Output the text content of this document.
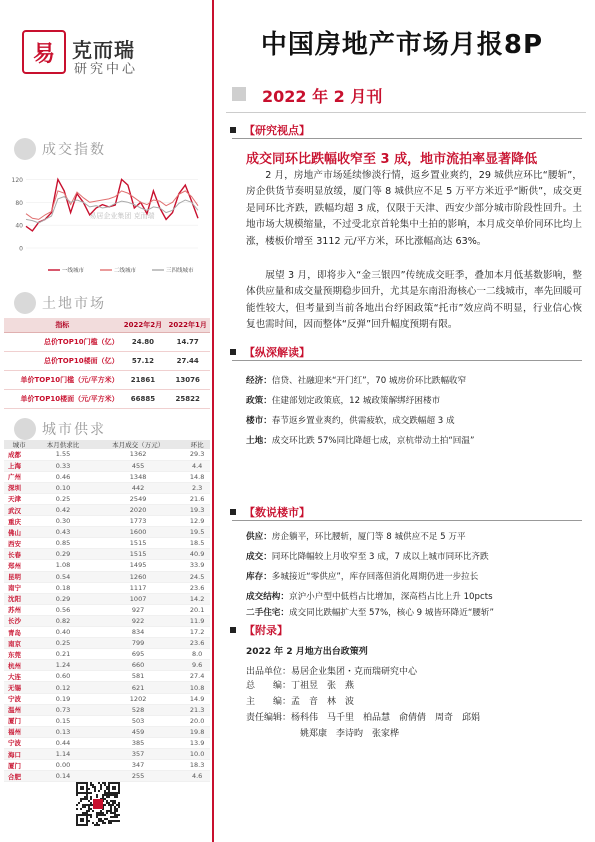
易 克而瑞
研究中心
成交指数
0
40
80
120
易居企业集团 克而瑞
一线城市	二线城市	三四线城市
土地市场
指标	2022年2月	2022年1月
总价TOP10门槛（亿）	24.80	14.77
总价TOP10楼面（亿）	57.12	27.44
单价TOP10门槛（元/平方米）	21861	13076
单价TOP10楼面（元/平方米）	66885	25822
城市供求
城市	本月供求比	本月成交（万元）	环比
成都	1.55	1362	29.3
上海	0.33	455	4.4
广州	0.46	1348	14.8
深圳	0.10	442	2.3
天津	0.25	2549	21.6
武汉	0.42	2020	19.3
重庆	0.30	1773	12.9
佛山	0.43	1600	19.5
西安	0.85	1515	18.5
长春	0.29	1515	40.9
郑州	1.08	1495	33.9
昆明	0.54	1260	24.5
南宁	0.18	1117	23.6
沈阳	0.29	1007	14.2
苏州	0.56	927	20.1
长沙	0.82	922	11.9
青岛	0.40	834	17.2
南京	0.25	799	23.6
东莞	0.21	695	8.0
杭州	1.24	660	9.6
大连	0.60	581	27.4
无锡	0.12	621	10.8
宁波	0.19	1202	14.9
温州	0.73	528	21.3
厦门	0.15	503	20.0
福州	0.13	459	19.8
宁波	0.44	385	13.9
海口	1.14	357	10.0
厦门	0.00	347	18.3
合肥	0.14	255	4.6
中国房地产市场月报8P
2022 年 2 月刊
【研究视点】
成交同环比跌幅收窄至 3 成，地市流拍率显著降低
2 月，房地产市场延续惨淡行情，返乡置业爽约，29 城供应环比“腰斩”，房企供货节奏明显放缓，厦门等 8 城供应不足 5 万平方米近乎“断供”，成交更是同环比齐跌，跌幅均超 3 成，仅限于天津、西安少部分城市阶段性回升。土地市场大规模缩量，不过受北京首轮集中土拍的影响，本月成交单价同环比均上涨，楼板价增至 3112 元/平方米，环比涨幅高达 63%。
展望 3 月，即将步入“金三银四”传统成交旺季，叠加本月低基数影响，整体供应量和成交量预期稳步回升，尤其是东南沿海核心一二线城市，率先回暖可能性较大，但考量到当前各地出台纾困政策“托市”效应尚不明显，行业信心恢复也需时间，因而整体“反弹”回升幅度预期有限。
【纵深解读】
经济：信贷、社融迎来“开门红”，70 城房价环比跌幅收窄
政策：住建部划定政策底，12 城政策解绑纾困楼市
楼市：春节返乡置业爽约，供需疲软，成交跌幅超 3 成
土地：成交环比跌 57%同比降超七成，京杭带动土拍“回温”
【数说楼市】
供应：房企躺平，环比腰斩，厦门等 8 城供应不足 5 万平
成交：同环比降幅较上月收窄至 3 成，7 成以上城市同环比齐跌
库存：多城接近“零供应”，库存回落但消化周期仍进一步拉长
成交结构：京沪小户型中低档占比增加，深高档占比上升 10pcts
二手住宅：成交同比跌幅扩大至 57%，核心 9 城皆环降近“腰斩”
【附录】
2022 年 2 月地方出台政策列
出品单位：易居企业集团・克而瑞研究中心
总　　编：丁祖昱　张　燕
主　　编：孟　音　林　波
责任编辑：杨科伟　马千里　柏品慧　俞倩倩　周奇　邱娟
姚郑康　李诗昀　张家桦
